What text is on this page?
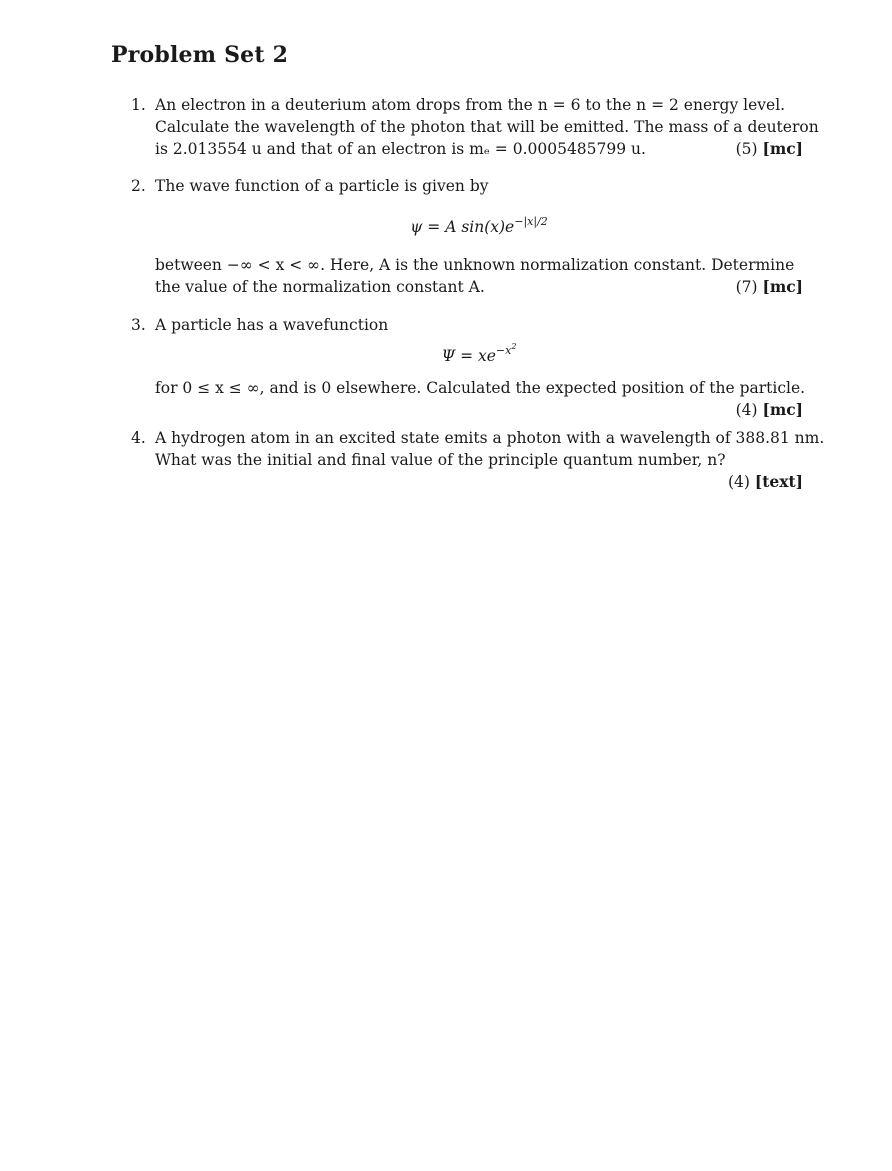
Problem Set 2
1. An electron in a deuterium atom drops from the n = 6 to the n = 2 energy level.
Calculate the wavelength of the photon that will be emitted. The mass of a deuteron
is 2.013554 u and that of an electron is mₑ = 0.0005485799 u.	(5) [mc]
2. The wave function of a particle is given by
ψ = A $\sin(x)e^{-|x|/2}$
between −∞ < x < ∞. Here, A is the unknown normalization constant. Determine
the value of the normalization constant A.	(7) [mc]
3. A particle has a wavefunction
$\Psi = xe^{-x^2}$
for 0 ≤ x ≤ ∞, and is 0 elsewhere. Calculated the expected position of the particle.
(4) [mc]
4. A hydrogen atom in an excited state emits a photon with a wavelength of 388.81 nm.
What was the initial and final value of the principle quantum number, n?
(4) [text]
